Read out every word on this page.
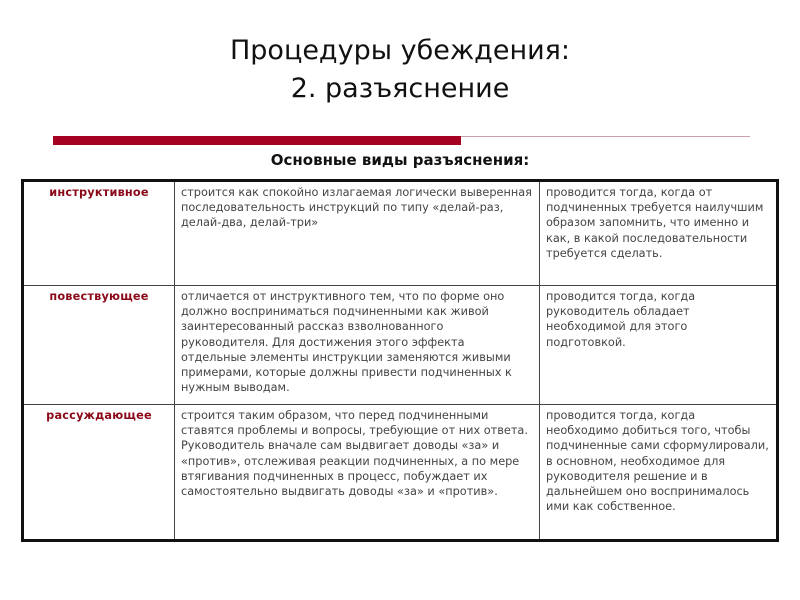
Процедуры убеждения:
2. разъяснение
Основные виды разъяснения:
инструктивное	строится как спокойно излагаемая логически выверенная последовательность инструкций по типу «делай-раз, делай-два, делай-три»	проводится тогда, когда от подчиненных требуется наилучшим образом запомнить, что именно и как, в какой последовательности требуется сделать.
повествующее	отличается от инструктивного тем, что по форме оно должно восприниматься подчиненными как живой заинтересованный рассказ взволнованного руководителя. Для достижения этого эффекта отдельные элементы инструкции заменяются живыми примерами, которые должны привести подчиненных к нужным выводам.	проводится тогда, когда руководитель обладает необходимой для этого подготовкой.
рассуждающее	строится таким образом, что перед подчиненными ставятся проблемы и вопросы, требующие от них ответа. Руководитель вначале сам выдвигает доводы «за» и «против», отслеживая реакции подчиненных, а по мере втягивания подчиненных в процесс, побуждает их самостоятельно выдвигать доводы «за» и «против».	проводится тогда, когда необходимо добиться того, чтобы подчиненные сами сформулировали, в основном, необходимое для руководителя решение и в дальнейшем оно воспринималось ими как собственное.
